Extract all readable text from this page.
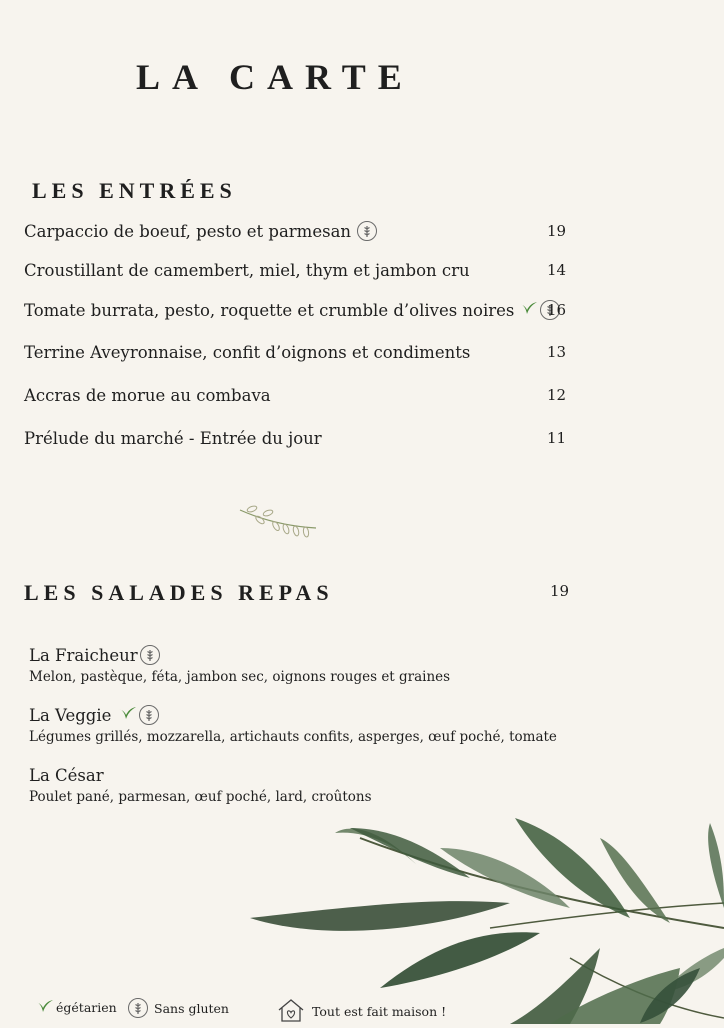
LA CARTE
LES ENTRÉES
Carpaccio de boeuf, pesto et parmesan	19
Croustillant de camembert, miel, thym et jambon cru	14
Tomate burrata, pesto, roquette et crumble d’olives noires 16
Terrine Aveyronnaise, confit d’oignons et condiments	13
Accras de morue au combava	12
Prélude du marché - Entrée du jour	11
LES SALADES REPAS	19
La Fraicheur
Melon, pastèque, féta, jambon sec, oignons rouges et graines
La Veggie
Légumes grillés, mozzarella, artichauts confits, asperges, œuf poché, tomate
La César
Poulet pané, parmesan, œuf poché, lard, croûtons
égétarien	Sans gluten	Tout est fait maison !
